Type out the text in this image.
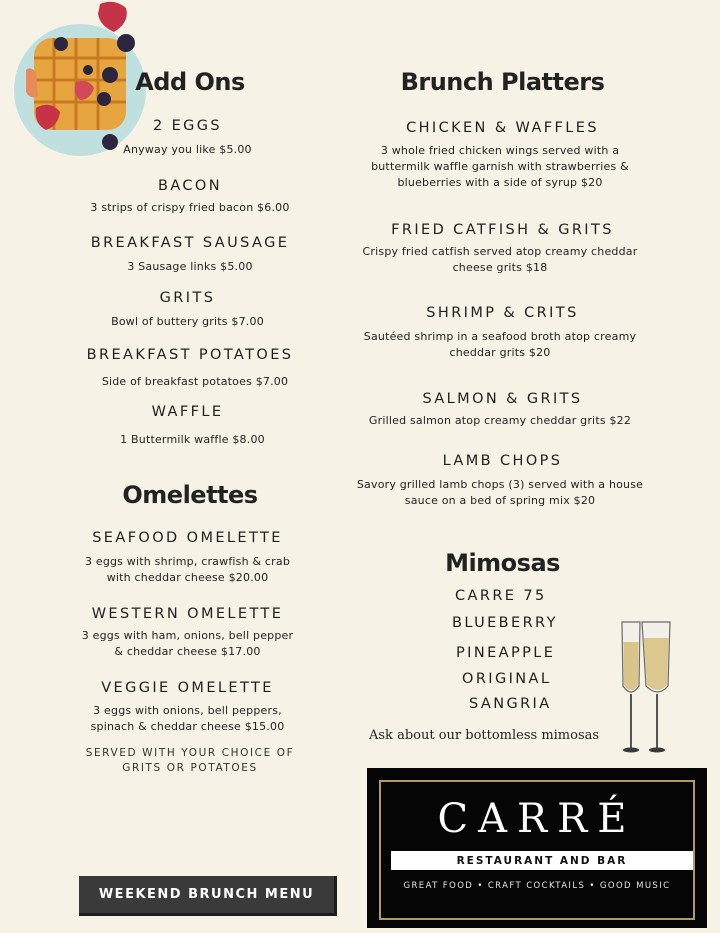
Add Ons
2 EGGS
Anyway you like $5.00
BACON
3 strips of crispy fried bacon $6.00
BREAKFAST SAUSAGE
3 Sausage links $5.00
GRITS
Bowl of buttery grits $7.00
BREAKFAST POTATOES
Side of breakfast potatoes $7.00
WAFFLE
1 Buttermilk waffle $8.00
Omelettes
SEAFOOD OMELETTE
3 eggs with shrimp, crawfish & crab
with cheddar cheese $20.00
WESTERN OMELETTE
3 eggs with ham, onions, bell pepper
& cheddar cheese $17.00
VEGGIE OMELETTE
3 eggs with onions, bell peppers,
spinach & cheddar cheese $15.00
SERVED WITH YOUR CHOICE OF
GRITS OR POTATOES
WEEKEND BRUNCH MENU
Brunch Platters
CHICKEN & WAFFLES
3 whole fried chicken wings served with a
buttermilk waffle garnish with strawberries &
blueberries with a side of syrup $20
FRIED CATFISH & GRITS
Crispy fried catfish served atop creamy cheddar
cheese grits $18
SHRIMP & CRITS
Sautéed shrimp in a seafood broth atop creamy
cheddar grits $20
SALMON & GRITS
Grilled salmon atop creamy cheddar grits $22
LAMB CHOPS
Savory grilled lamb chops (3) served with a house
sauce on a bed of spring mix $20
Mimosas
CARRE 75
BLUEBERRY
PINEAPPLE
ORIGINAL
SANGRIA
Ask about our bottomless mimosas
CARRÉ
RESTAURANT AND BAR
GREAT FOOD • CRAFT COCKTAILS • GOOD MUSIC
